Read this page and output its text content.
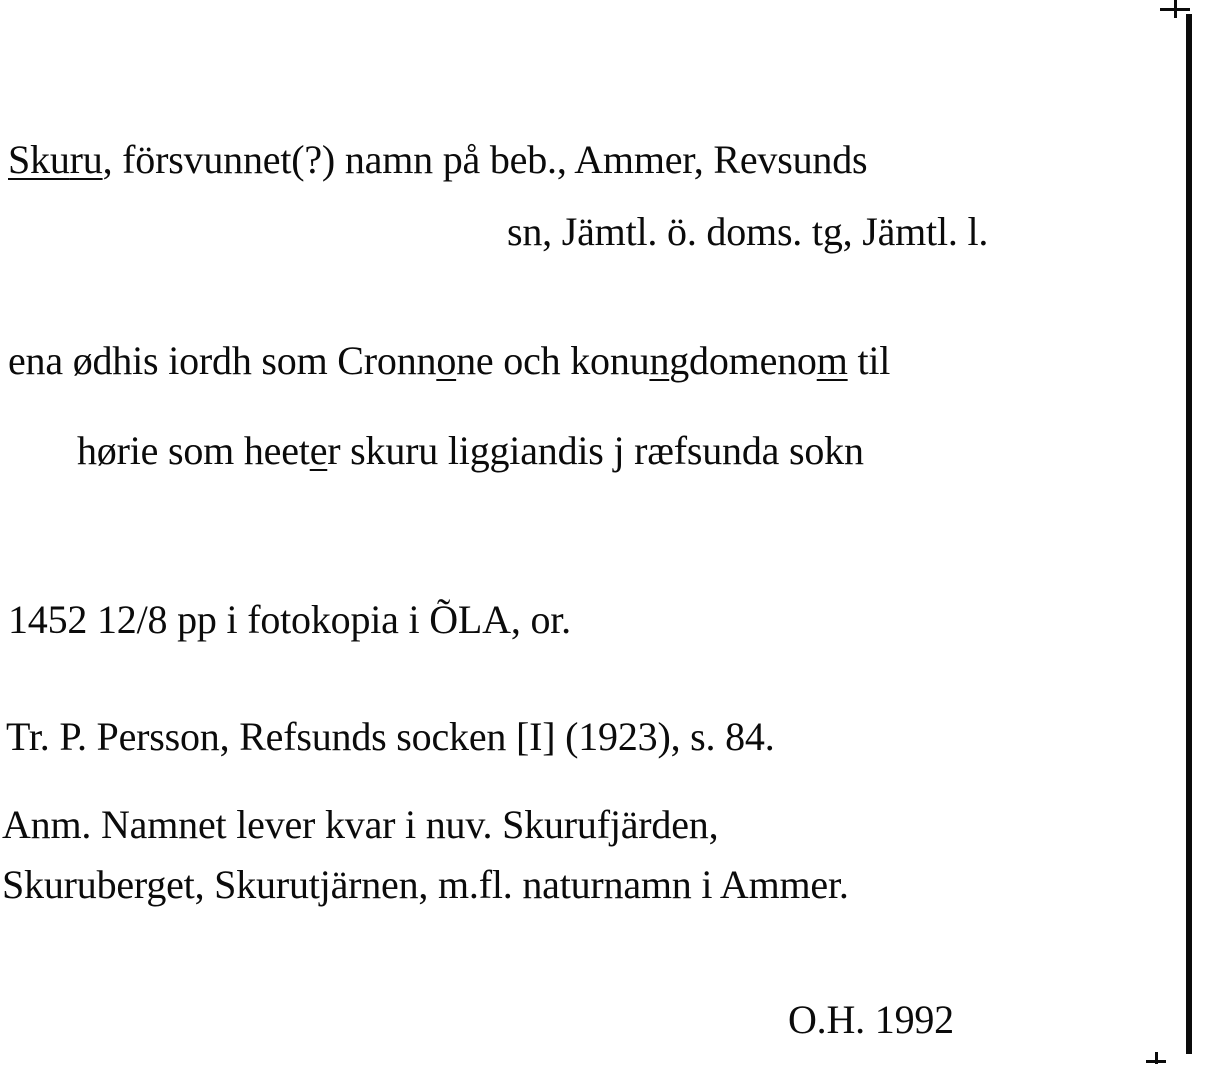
Skuru, försvunnet(?) namn på beb., Ammer, Revsunds
sn, Jämtl. ö. doms. tg, Jämtl. l.
ena ødhis iordh som Cronnone och konungdomenom til
hørie som heeter skuru liggiandis j ræfsunda sokn
1452 12/8 pp i fotokopia i ÕLA, or.
Tr. P. Persson, Refsunds socken [I] (1923), s. 84.
Anm. Namnet lever kvar i nuv. Skurufjärden,
Skuruberget, Skurutjärnen, m.fl. naturnamn i Ammer.
O.H. 1992
